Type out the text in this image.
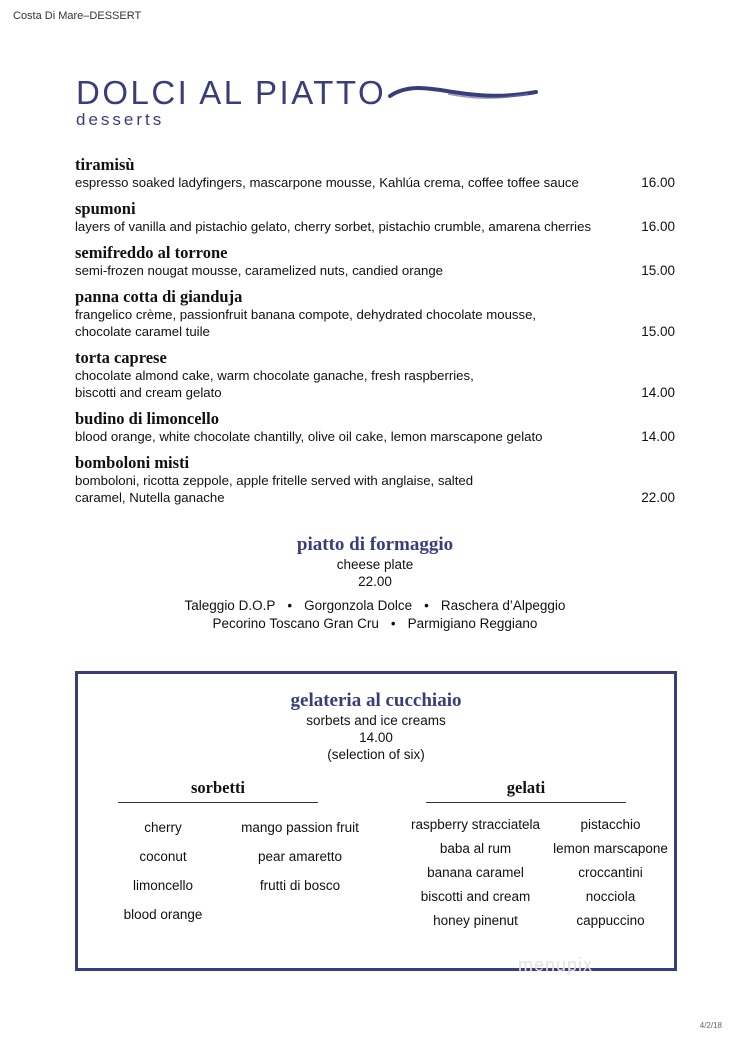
Costa Di Mare–DESSERT
DOLCI AL PIATTO
desserts
tiramisù
espresso soaked ladyfingers, mascarpone mousse, Kahlúa crema, coffee toffee sauce	16.00
spumoni
layers of vanilla and pistachio gelato, cherry sorbet, pistachio crumble, amarena cherries	16.00
semifreddo al torrone
semi-frozen nougat mousse, caramelized nuts, candied orange	15.00
panna cotta di gianduja
frangelico crème, passionfruit banana compote, dehydrated chocolate mousse, chocolate caramel tuile	15.00
torta caprese
chocolate almond cake, warm chocolate ganache, fresh raspberries, biscotti and cream gelato	14.00
budino di limoncello
blood orange, white chocolate chantilly, olive oil cake, lemon marscapone gelato	14.00
bomboloni misti
bomboloni, ricotta zeppole, apple fritelle served with anglaise, salted caramel, Nutella ganache	22.00
piatto di formaggio
cheese plate
22.00
Taleggio D.O.P • Gorgonzola Dolce • Raschera d’Alpeggio
Pecorino Toscano Gran Cru • Parmigiano Reggiano
gelateria al cucchiaio
sorbets and ice creams
14.00
(selection of six)
sorbetti	gelati
cherry
coconut
limoncello
blood orange
mango passion fruit
pear amaretto
frutti di bosco
raspberry stracciatela
baba al rum
banana caramel
biscotti and cream
honey pinenut
pistacchio
lemon marscapone
croccantini
nocciola
cappuccino
menupix
4/2/18
